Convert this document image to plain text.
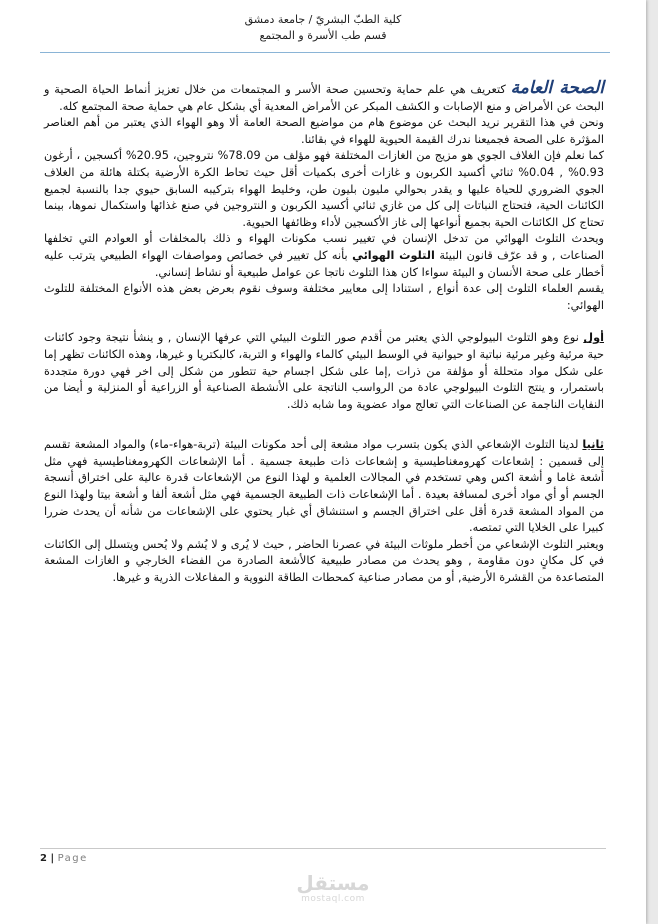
كلية الطبّ البشريّ / جامعة دمشق
قسم طب الأسرة و المجتمع

الصحة العامة كتعريف هي علم حماية وتحسين صحة الأسر و المجتمعات من خلال تعزيز أنماط الحياة الصحية و البحث عن الأمراض و منع الإصابات و الكشف المبكر عن الأمراض المعدية أي بشكل عام هي حماية صحة المجتمع كله.

ونحن في هذا التقرير نريد البحث عن موضوع هام من مواضيع الصحة العامة ألا وهو الهواء الذي يعتبر من أهم العناصر المؤثرة على الصحة فجميعنا ندرك القيمة الحيوية للهواء في بقائنا.

كما نعلم فإن الغلاف الجوي هو مزيج من الغازات المختلفة فهو مؤلف من 78.09% نتروجين، 20.95% أكسجين ، أرغون 0.93% , 0.04% ثنائي أكسيد الكربون و غازات أخرى بكميات أقل حيث تحاط الكرة الأرضية بكتلة هائلة من الغلاف الجوي الضروري للحياة عليها و يقدر بحوالي مليون بليون طن، وخليط الهواء بتركيبه السابق حيوي جدا بالنسبة لجميع الكائنات الحية، فتحتاج النباتات إلى كل من غازي ثنائي أكسيد الكربون و النتروجين في صنع غذائها واستكمال نموها، بينما تحتاج كل الكائنات الحية بجميع أنواعها إلى غاز الأكسجين لأداء وظائفها الحيوية.

ويحدث التلوث الهوائي من تدخل الإنسان في تغيير نسب مكونات الهواء و ذلك بالمخلفات أو العوادم التي تخلفها الصناعات , و قد عرّف قانون البيئة التلوث الهوائي بأنه كل تغيير في خصائص ومواصفات الهواء الطبيعي يترتب عليه أخطار على صحة الأنسان و البيئة سواءا كان هذا التلوث ناتجا عن عوامل طبيعية أو نشاط إنساني.

يقسم العلماء التلوث إلى عدة أنواع , استنادا إلى معايير مختلفة وسوف نقوم بعرض بعض هذه الأنواع المختلفة للتلوث الهوائي:

أول نوع وهو التلوث البيولوجي الذي يعتبر من أقدم صور التلوث البيئي التي عرفها الإنسان , و ينشأ نتيجة وجود كائنات حية مرئية وغير مرئية نباتية او حيوانية في الوسط البيئي كالماء والهواء و التربة، كالبكتريا و غيرها، وهذه الكائنات تظهر إما على شكل مواد متحللة أو مؤلفة من ذرات ,إما على شكل اجسام حية تتطور من شكل إلى اخر فهي دورة متجددة باستمرار، و ينتج التلوث البيولوجي عادة من الرواسب الناتجة على الأنشطة الصناعية أو الزراعية أو المنزلية و أيضا من النفايات الناجمة عن الصناعات التي تعالج مواد عضوية وما شابه ذلك.

ثانيا لدينا التلوث الإشعاعي الذي يكون بتسرب مواد مشعة إلى أحد مكونات البيئة (تربة-هواء-ماء) والمواد المشعة تقسم إلى قسمين : إشعاعات كهرومغناطيسية و إشعاعات ذات طبيعة جسمية . أما الإشعاعات الكهرومغناطيسية فهي مثل أشعة غاما و أشعة اكس وهي تستخدم في المجالات العلمية و لهذا النوع من الإشعاعات قدرة عالية على اختراق أنسجة الجسم أو أي مواد أخرى لمسافة بعيدة . أما الإشعاعات ذات الطبيعة الجسمية فهي مثل أشعة ألفا و أشعة بيتا ولهذا النوع من المواد المشعة قدرة أقل على اختراق الجسم و استنشاق أي غبار يحتوي على الإشعاعات من شأنه أن يحدث ضررا كبيرا على الخلايا التي تمتصه.

ويعتبر التلوث الإشعاعي من أخطر ملوثات البيئة في عصرنا الحاضر , حيث لا يُرى و لا يُشم ولا يُحس ويتسلل إلى الكائنات في كل مكانٍ دون مقاومة , وهو يحدث من مصادر طبيعية كالأشعة الصادرة من الفضاء الخارجي و الغازات المشعة المتصاعدة من القشرة الأرضية, أو من مصادر صناعية كمحطات الطاقة النووية و المفاعلات الذرية و غيرها.

2 | Page
مستقل
mostaql.com
